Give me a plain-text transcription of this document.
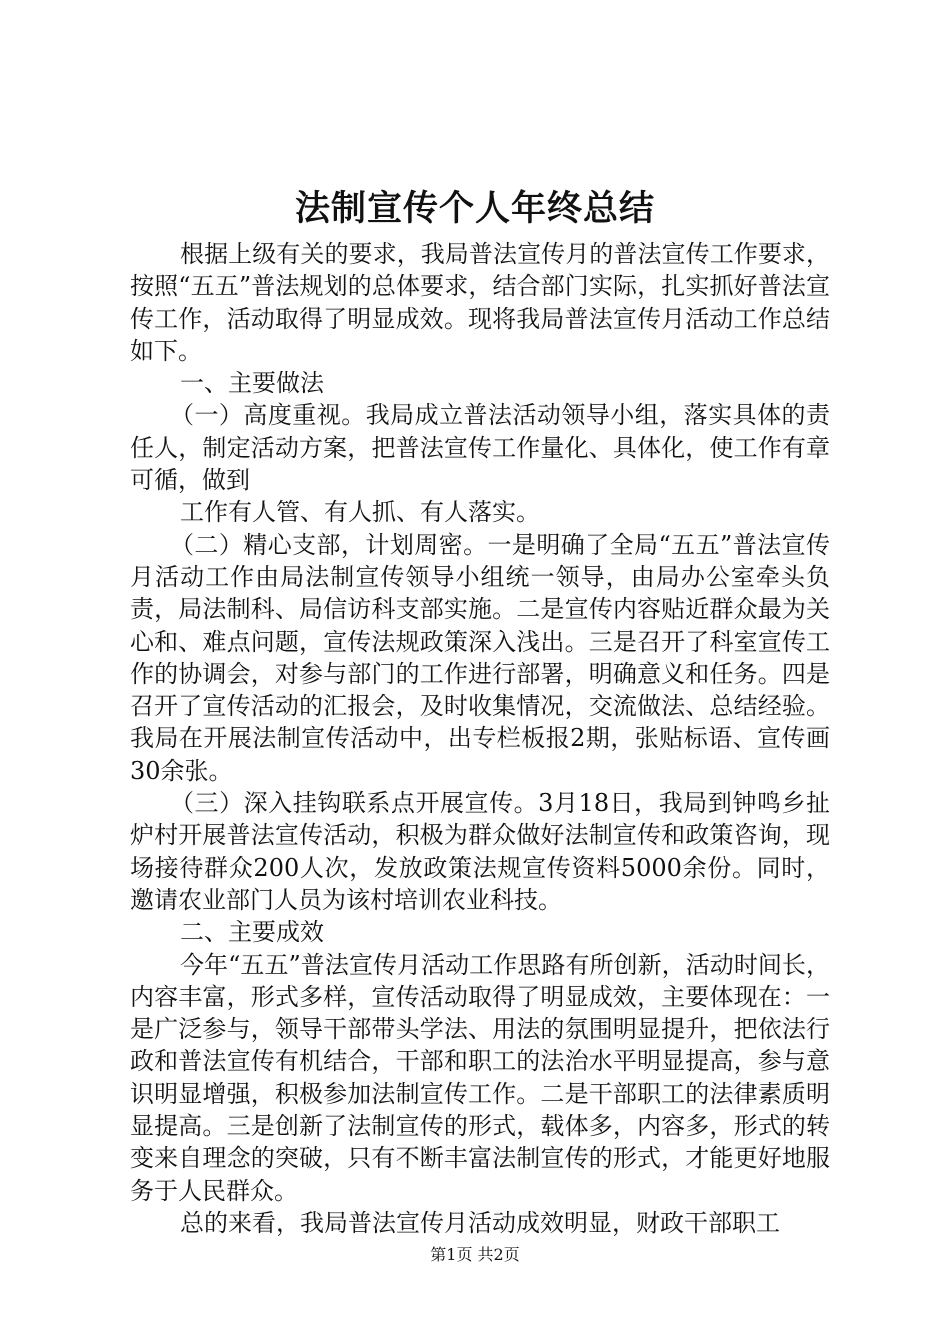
法制宣传个人年终总结

根据上级有关的要求，我局普法宣传月的普法宣传工作要求，按照“五五”普法规划的总体要求，结合部门实际，扎实抓好普法宣传工作，活动取得了明显成效。现将我局普法宣传月活动工作总结如下。

一、主要做法

（一）高度重视。我局成立普法活动领导小组，落实具体的责任人，制定活动方案，把普法宣传工作量化、具体化，使工作有章可循，做到

工作有人管、有人抓、有人落实。

（二）精心支部，计划周密。一是明确了全局“五五”普法宣传月活动工作由局法制宣传领导小组统一领导，由局办公室牵头负责，局法制科、局信访科支部实施。二是宣传内容贴近群众最为关心和、难点问题，宣传法规政策深入浅出。三是召开了科室宣传工作的协调会，对参与部门的工作进行部署，明确意义和任务。四是召开了宣传活动的汇报会，及时收集情况，交流做法、总结经验。我局在开展法制宣传活动中，出专栏板报2期，张贴标语、宣传画30余张。

（三）深入挂钩联系点开展宣传。3月18日，我局到钟鸣乡扯炉村开展普法宣传活动，积极为群众做好法制宣传和政策咨询，现场接待群众200人次，发放政策法规宣传资料5000余份。同时，邀请农业部门人员为该村培训农业科技。

二、主要成效

今年“五五”普法宣传月活动工作思路有所创新，活动时间长，内容丰富，形式多样，宣传活动取得了明显成效，主要体现在：一是广泛参与，领导干部带头学法、用法的氛围明显提升，把依法行政和普法宣传有机结合，干部和职工的法治水平明显提高，参与意识明显增强，积极参加法制宣传工作。二是干部职工的法律素质明显提高。三是创新了法制宣传的形式，载体多，内容多，形式的转变来自理念的突破，只有不断丰富法制宣传的形式，才能更好地服务于人民群众。

总的来看，我局普法宣传月活动成效明显，财政干部职工

第1页 共2页
